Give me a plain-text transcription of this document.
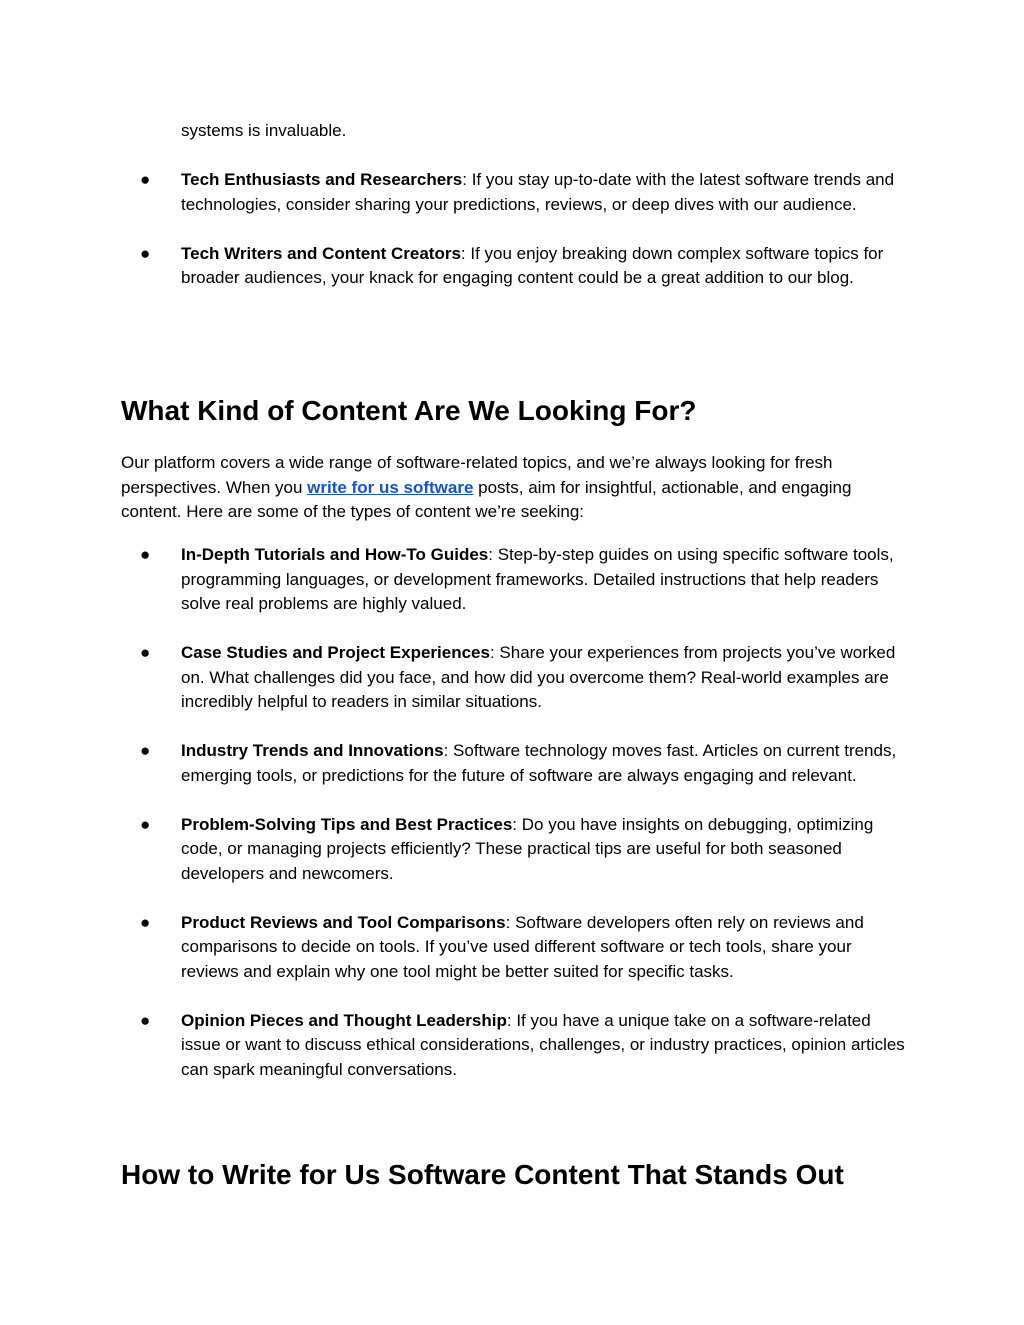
systems is invaluable.
● Tech Enthusiasts and Researchers: If you stay up-to-date with the latest software trends and technologies, consider sharing your predictions, reviews, or deep dives with our audience.
● Tech Writers and Content Creators: If you enjoy breaking down complex software topics for broader audiences, your knack for engaging content could be a great addition to our blog.
What Kind of Content Are We Looking For?

Our platform covers a wide range of software-related topics, and we’re always looking for fresh perspectives. When you write for us software posts, aim for insightful, actionable, and engaging content. Here are some of the types of content we’re seeking:

● In-Depth Tutorials and How-To Guides: Step-by-step guides on using specific software tools, programming languages, or development frameworks. Detailed instructions that help readers solve real problems are highly valued.
● Case Studies and Project Experiences: Share your experiences from projects you’ve worked on. What challenges did you face, and how did you overcome them? Real-world examples are incredibly helpful to readers in similar situations.
● Industry Trends and Innovations: Software technology moves fast. Articles on current trends, emerging tools, or predictions for the future of software are always engaging and relevant.
● Problem-Solving Tips and Best Practices: Do you have insights on debugging, optimizing code, or managing projects efficiently? These practical tips are useful for both seasoned developers and newcomers.
● Product Reviews and Tool Comparisons: Software developers often rely on reviews and comparisons to decide on tools. If you’ve used different software or tech tools, share your reviews and explain why one tool might be better suited for specific tasks.
● Opinion Pieces and Thought Leadership: If you have a unique take on a software-related issue or want to discuss ethical considerations, challenges, or industry practices, opinion articles can spark meaningful conversations.
How to Write for Us Software Content That Stands Out
